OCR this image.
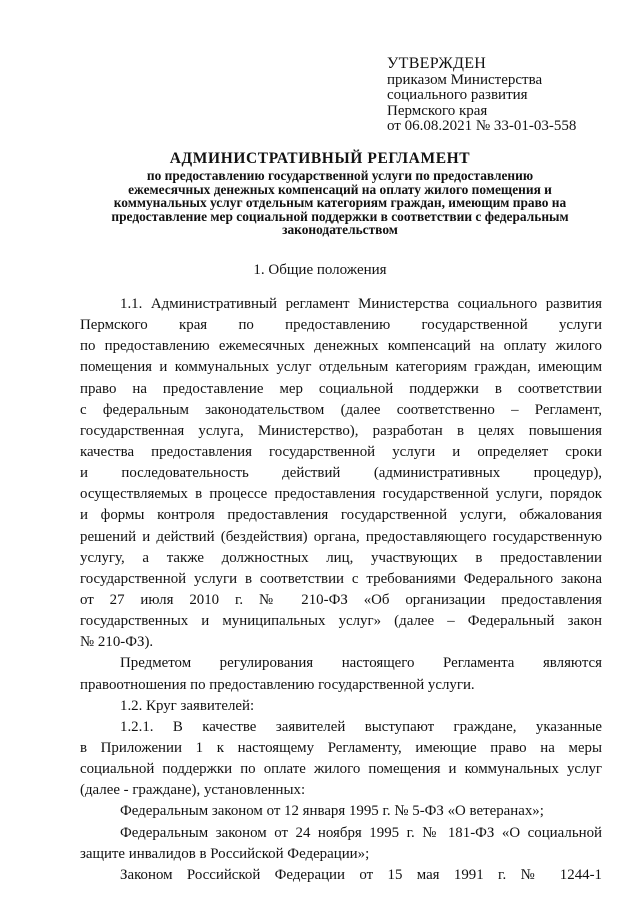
УТВЕРЖДЕН
приказом Министерства
социального развития
Пермского края
от 06.08.2021 № 33-01-03-558
АДМИНИСТРАТИВНЫЙ РЕГЛАМЕНТ
по предоставлению государственной услуги по предоставлению
ежемесячных денежных компенсаций на оплату жилого помещения и
коммунальных услуг отдельным категориям граждан, имеющим право на
предоставление мер социальной поддержки в соответствии с федеральным
законодательством
1. Общие положения
1.1. Административный регламент Министерства социального развития
Пермского края по предоставлению государственной услуги
по предоставлению ежемесячных денежных компенсаций на оплату жилого
помещения и коммунальных услуг отдельным категориям граждан, имеющим
право на предоставление мер социальной поддержки в соответствии
с федеральным законодательством (далее соответственно – Регламент,
государственная услуга, Министерство), разработан в целях повышения
качества предоставления государственной услуги и определяет сроки
и последовательность действий (административных процедур),
осуществляемых в процессе предоставления государственной услуги, порядок
и формы контроля предоставления государственной услуги, обжалования
решений и действий (бездействия) органа, предоставляющего государственную
услугу, а также должностных лиц, участвующих в предоставлении
государственной услуги в соответствии с требованиями Федерального закона
от 27 июля 2010 г. № 210-ФЗ «Об организации предоставления
государственных и муниципальных услуг» (далее – Федеральный закон
№ 210-ФЗ).
Предметом регулирования настоящего Регламента являются
правоотношения по предоставлению государственной услуги.
1.2. Круг заявителей:
1.2.1. В качестве заявителей выступают граждане, указанные
в Приложении 1 к настоящему Регламенту, имеющие право на меры
социальной поддержки по оплате жилого помещения и коммунальных услуг
(далее - граждане), установленных:
Федеральным законом от 12 января 1995 г. № 5-ФЗ «О ветеранах»;
Федеральным законом от 24 ноября 1995 г. № 181-ФЗ «О социальной
защите инвалидов в Российской Федерации»;
Законом Российской Федерации от 15 мая 1991 г. № 1244-1
